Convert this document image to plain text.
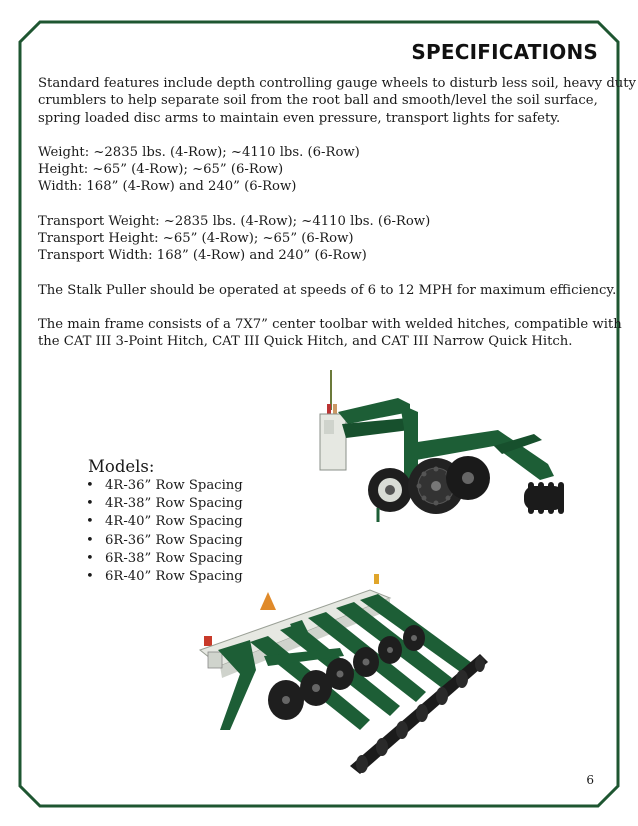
SPECIFICATIONS

Standard features include depth controlling gauge wheels to disturb less soil, heavy duty
crumblers to help separate soil from the root ball and smooth/level the soil surface,
spring loaded disc arms to maintain even pressure, transport lights for safety.

Weight: ~2835 lbs. (4-Row); ~4110 lbs. (6-Row)
Height: ~65” (4-Row); ~65” (6-Row)
Width: 168” (4-Row) and 240” (6-Row)

Transport Weight: ~2835 lbs. (4-Row); ~4110 lbs. (6-Row)
Transport Height: ~65” (4-Row); ~65” (6-Row)
Transport Width: 168” (4-Row) and 240” (6-Row)

The Stalk Puller should be operated at speeds of 6 to 12 MPH for maximum efficiency.

The main frame consists of a 7X7” center toolbar with welded hitches, compatible with
the CAT III 3-Point Hitch, CAT III Quick Hitch, and CAT III Narrow Quick Hitch.

Models:
• 4R-36” Row Spacing
• 4R-38” Row Spacing
• 4R-40” Row Spacing
• 6R-36” Row Spacing
• 6R-38” Row Spacing
• 6R-40” Row Spacing
6
